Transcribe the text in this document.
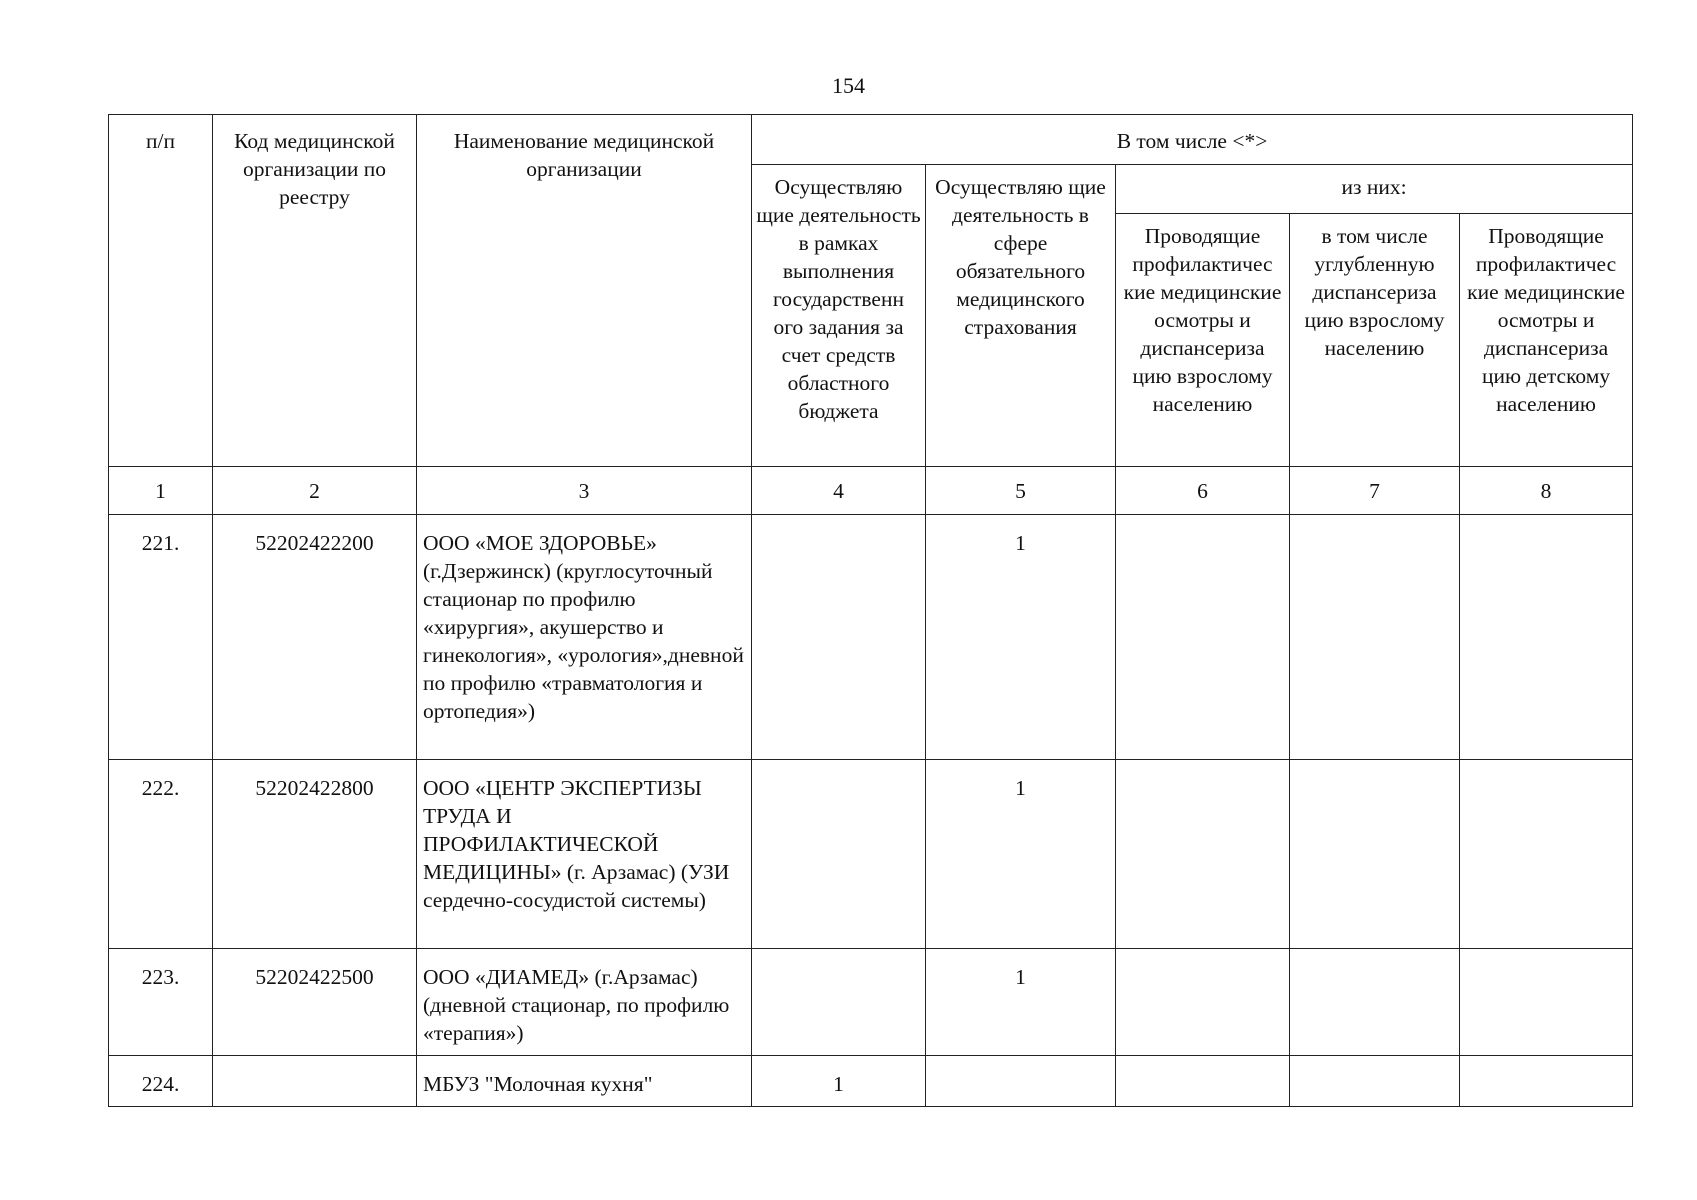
154
п/п	Код медицинской организации по реестру	Наименование медицинской организации	В том числе <*>				

			Осуществляю щие деятельность в рамках выполнения государственн ого задания за счет средств областного бюджета	Осуществляю щие деятельность в сфере обязательного медицинского страхования	из них:		

					Проводящие профилактичес кие медицинские осмотры и диспансериза цию взрослому населению	в том числе углубленную диспансериза цию взрослому населению	Проводящие профилактичес кие медицинские осмотры и диспансериза цию детскому населению

1	2	3	4	5	6	7	8

221.	52202422200	ООО «МОЕ ЗДОРОВЬЕ» (г.Дзержинск) (круглосуточный стационар по профилю «хирургия», акушерство и гинекология», «урология»,дневной по профилю «травматология и ортопедия»)		1			

222.	52202422800	ООО «ЦЕНТР ЭКСПЕРТИЗЫ ТРУДА И ПРОФИЛАКТИЧЕСКОЙ МЕДИЦИНЫ» (г. Арзамас) (УЗИ сердечно-сосудистой системы)		1			

223.	52202422500	ООО «ДИАМЕД» (г.Арзамас) (дневной стационар, по профилю «терапия»)		1			

224.		МБУЗ "Молочная кухня"	1				
